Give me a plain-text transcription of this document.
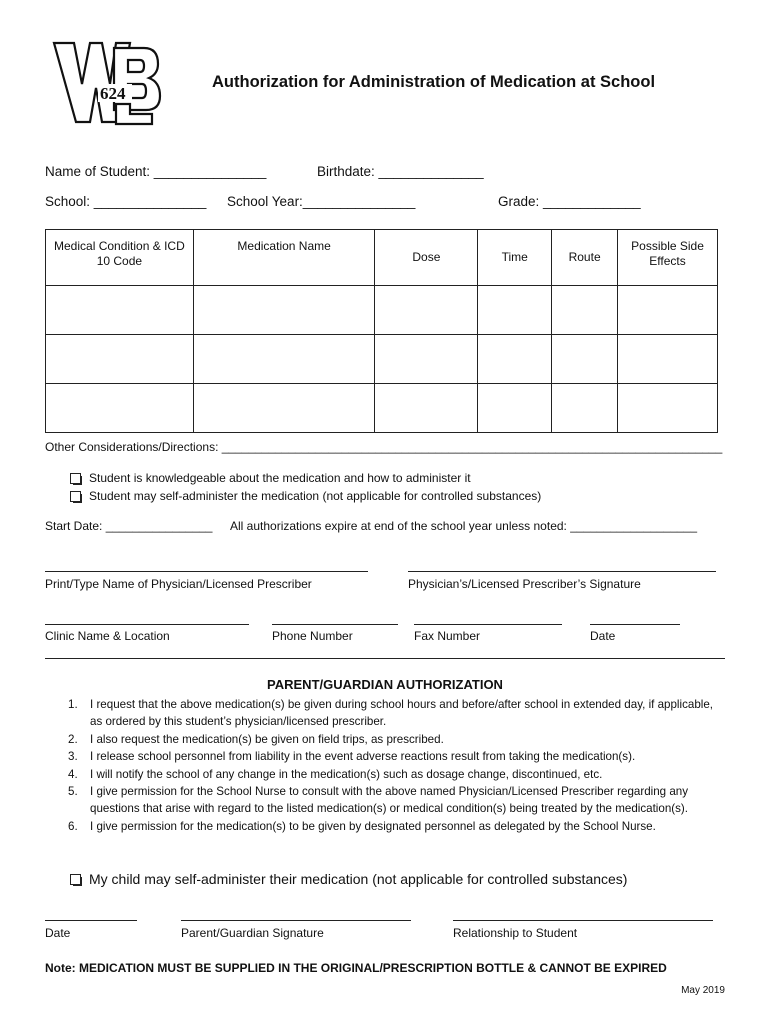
624
Authorization for Administration of Medication at School
Name of Student: _______________	Birthdate: ______________
School: _______________ School Year:_______________	Grade: _____________
Medical Condition & ICD 10 Code	Medication Name	Dose	Time	Route	Possible Side Effects

Other Considerations/Directions: ___________________________________________________________________________
Student is knowledgeable about the medication and how to administer it
Student may self-administer the medication (not applicable for controlled substances)
Start Date: ________________ All authorizations expire at end of the school year unless noted: ___________________
Print/Type Name of Physician/Licensed Prescriber	Physician’s/Licensed Prescriber’s Signature
Clinic Name & Location	Phone Number	Fax Number	Date
PARENT/GUARDIAN AUTHORIZATION
1.	I request that the above medication(s) be given during school hours and before/after school in extended day, if applicable, as ordered by this student’s physician/licensed prescriber.
2.	I also request the medication(s) be given on field trips, as prescribed.
3.	I release school personnel from liability in the event adverse reactions result from taking the medication(s).
4.	I will notify the school of any change in the medication(s) such as dosage change, discontinued, etc.
5.	I give permission for the School Nurse to consult with the above named Physician/Licensed Prescriber regarding any questions that arise with regard to the listed medication(s) or medical condition(s) being treated by the medication(s).
6.	I give permission for the medication(s) to be given by designated personnel as delegated by the School Nurse.
My child may self-administer their medication (not applicable for controlled substances)
Date	Parent/Guardian Signature	Relationship to Student
Note: MEDICATION MUST BE SUPPLIED IN THE ORIGINAL/PRESCRIPTION BOTTLE & CANNOT BE EXPIRED
May 2019
